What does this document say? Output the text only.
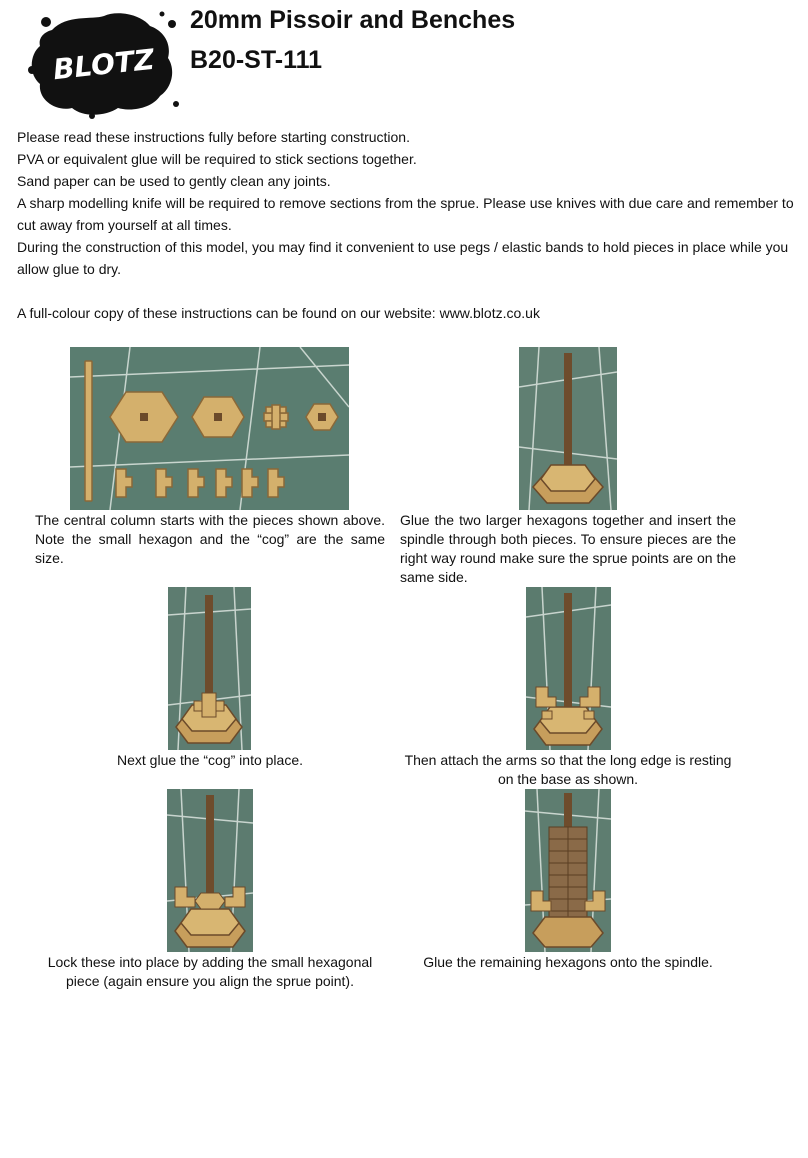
BLOTZ
20mm Pissoir and Benches
B20-ST-111

Please read these instructions fully before starting construction.

PVA or equivalent glue will be required to stick sections together.

Sand paper can be used to gently clean any joints.

A sharp modelling knife will be required to remove sections from the sprue. Please use knives with due care and remember to cut away from yourself at all times.

During the construction of this model, you may find it convenient to use pegs / elastic bands to hold pieces in place while you allow glue to dry.

A full-colour copy of these instructions can be found on our website: www.blotz.co.uk

The central column starts with the pieces shown above. Note the small hexagon and the “cog” are the same size.

Glue the two larger hexagons together and insert the spindle through both pieces. To ensure pieces are the right way round make sure the sprue points are on the same side.

Next glue the “cog” into place.	Then attach the arms so that the long edge is resting on the base as shown.

Lock these into place by adding the small hexagonal piece (again ensure you align the sprue point).

Glue the remaining hexagons onto the spindle.
